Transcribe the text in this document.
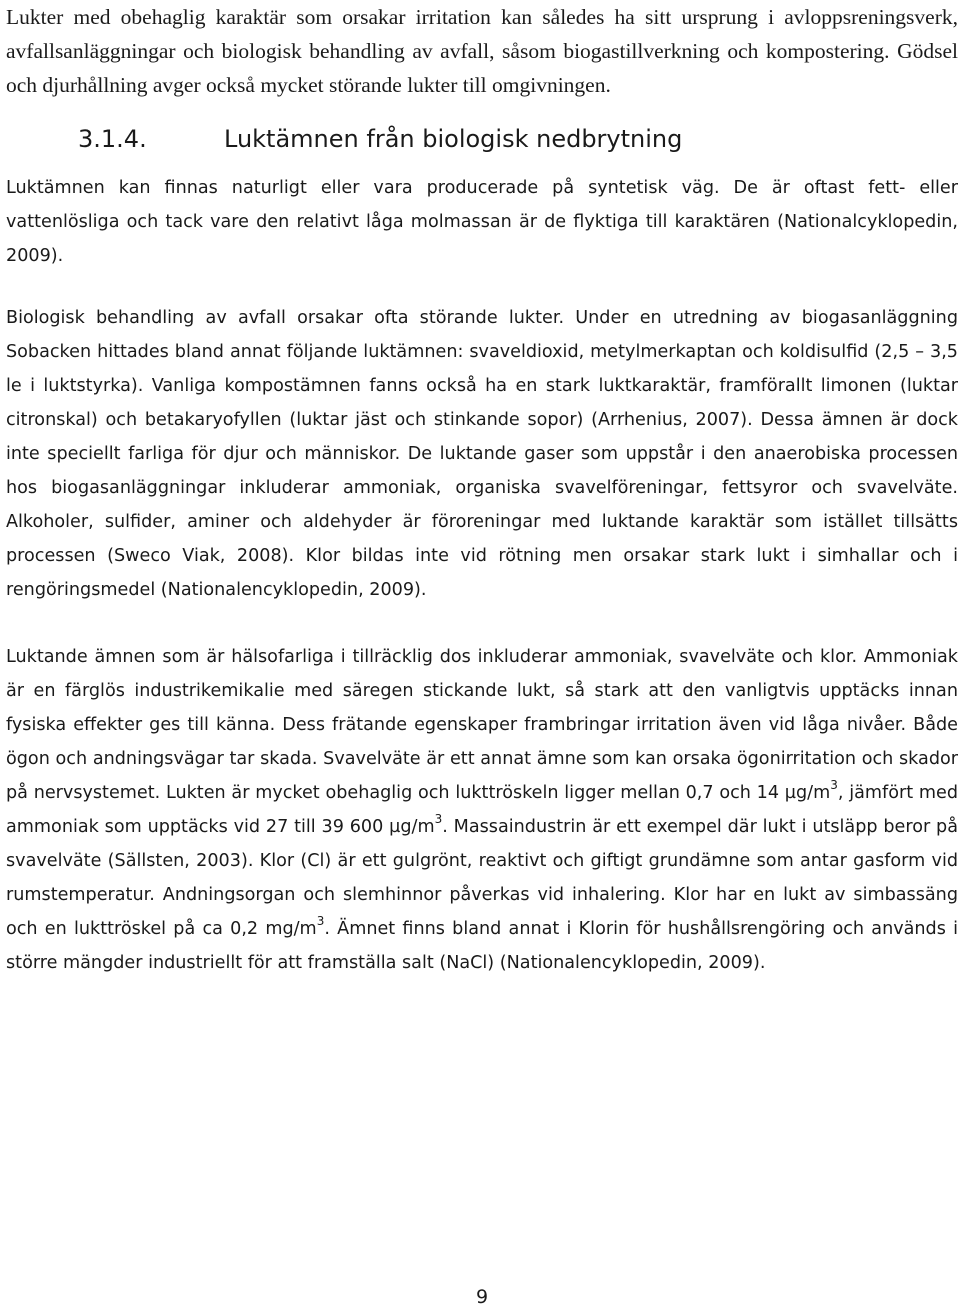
Lukter med obehaglig karaktär som orsakar irritation kan således ha sitt ursprung i avloppsreningsverk, avfallsanläggningar och biologisk behandling av avfall, såsom biogastillverkning och kompostering. Gödsel och djurhållning avger också mycket störande lukter till omgivningen.

3.1.4.	Luktämnen från biologisk nedbrytning

Luktämnen kan finnas naturligt eller vara producerade på syntetisk väg. De är oftast fett- eller vattenlösliga och tack vare den relativt låga molmassan är de flyktiga till karaktären (Nationalcyklopedin, 2009).

Biologisk behandling av avfall orsakar ofta störande lukter. Under en utredning av biogasanläggning Sobacken hittades bland annat följande luktämnen: svaveldioxid, metylmerkaptan och koldisulfid (2,5 – 3,5 le i luktstyrka). Vanliga kompostämnen fanns också ha en stark luktkaraktär, framförallt limonen (luktar citronskal) och betakaryofyllen (luktar jäst och stinkande sopor) (Arrhenius, 2007). Dessa ämnen är dock inte speciellt farliga för djur och människor. De luktande gaser som uppstår i den anaerobiska processen hos biogasanläggningar inkluderar ammoniak, organiska svavelföreningar, fettsyror och svavelväte. Alkoholer, sulfider, aminer och aldehyder är föroreningar med luktande karaktär som istället tillsätts processen (Sweco Viak, 2008). Klor bildas inte vid rötning men orsakar stark lukt i simhallar och i rengöringsmedel (Nationalencyklopedin, 2009).

Luktande ämnen som är hälsofarliga i tillräcklig dos inkluderar ammoniak, svavelväte och klor. Ammoniak är en färglös industrikemikalie med säregen stickande lukt, så stark att den vanligtvis upptäcks innan fysiska effekter ges till känna. Dess frätande egenskaper frambringar irritation även vid låga nivåer. Både ögon och andningsvägar tar skada. Svavelväte är ett annat ämne som kan orsaka ögonirritation och skador på nervsystemet. Lukten är mycket obehaglig och lukttröskeln ligger mellan 0,7 och 14 $\mu g/m^3$, jämfört med ammoniak som upptäcks vid 27 till 39 600 $\mu g/m^3$. Massaindustrin är ett exempel där lukt i utsläpp beror på svavelväte (Sällsten, 2003). Klor (Cl) är ett gulgrönt, reaktivt och giftigt grundämne som antar gasform vid rumstemperatur. Andningsorgan och slemhinnor påverkas vid inhalering. Klor har en lukt av simbassäng och en lukttröskel på ca 0,2 $mg/m^3$. Ämnet finns bland annat i Klorin för hushållsrengöring och används i större mängder industriellt för att framställa salt (NaCl) (Nationalencyklopedin, 2009).

9
